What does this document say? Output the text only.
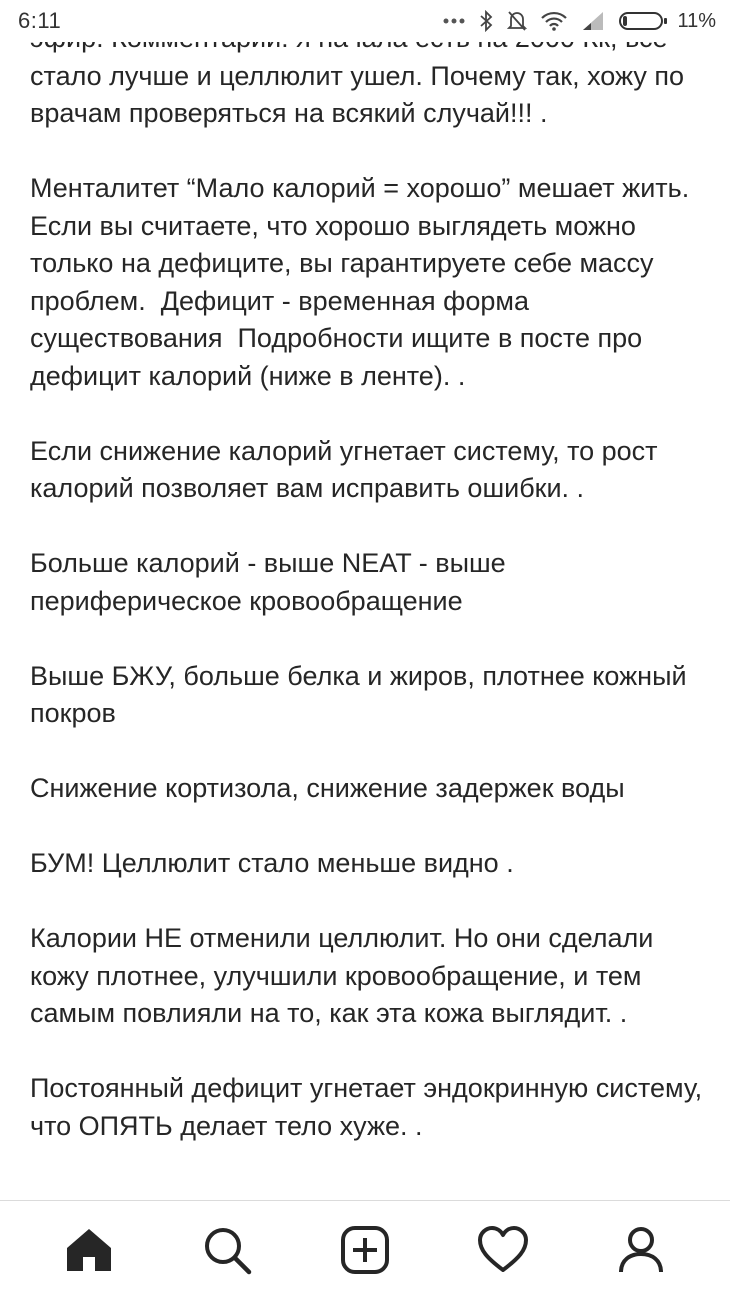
стало лучше и целлюлит ушел. Почему так, хожу по врачам проверяться на всякий случай!!! .

Менталитет “Мало калорий = хорошо” мешает жить. Если вы считаете, что хорошо выглядеть можно только на дефиците, вы гарантируете себе массу проблем.  Дефицит - временная форма существования  Подробности ищите в посте про дефицит калорий (ниже в ленте). .

Если снижение калорий угнетает систему, то рост калорий позволяет вам исправить ошибки. .

Больше калорий - выше NEAT - выше периферическое кровообращение

Выше БЖУ, больше белка и жиров, плотнее кожный покров

Снижение кортизола, снижение задержек воды

БУМ! Целлюлит стало меньше видно .

Калории НЕ отменили целлюлит. Но они сделали кожу плотнее, улучшили кровообращение, и тем самым повлияли на то, как эта кожа выглядит. .

Постоянный дефицит угнетает эндокринную систему, что ОПЯТЬ делает тело хуже. .

6:11	11%
